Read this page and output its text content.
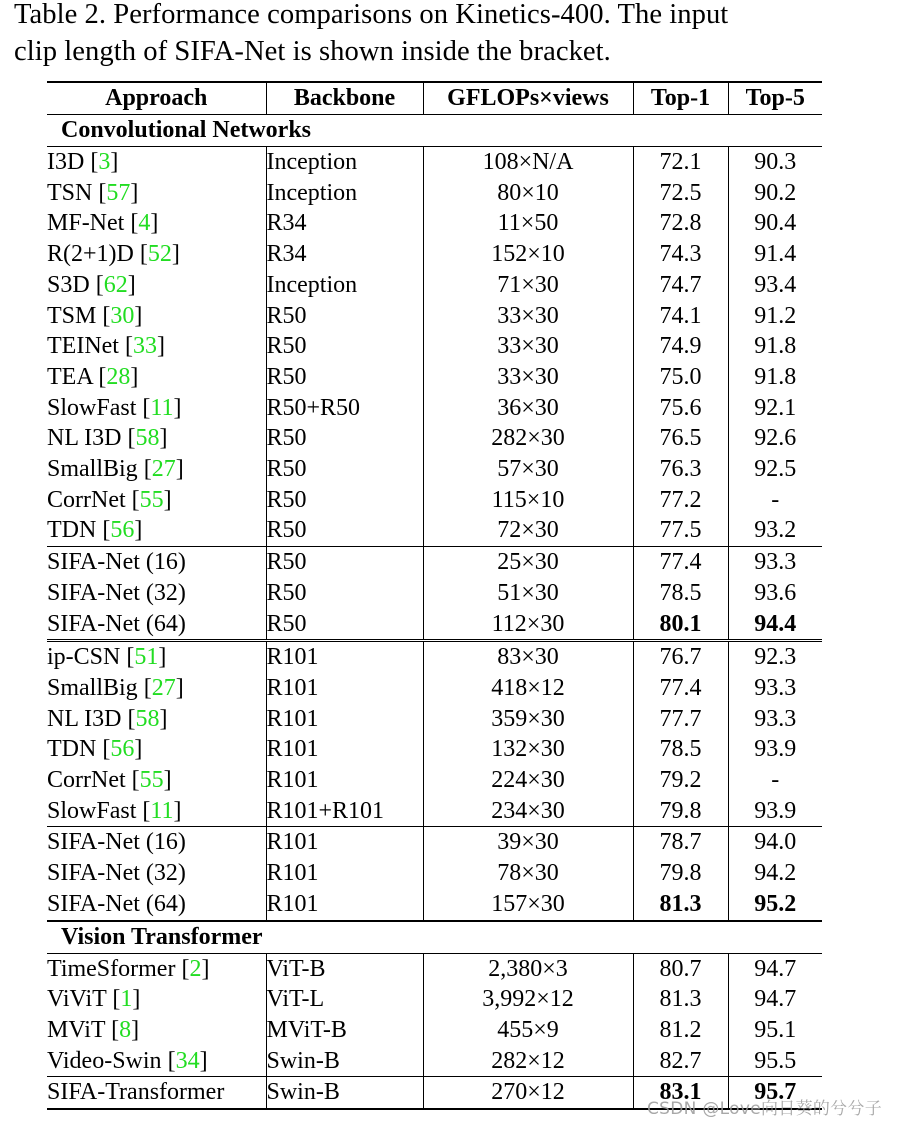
Table 2. Performance comparisons on Kinetics-400. The input
clip length of SIFA-Net is shown inside the bracket.
Approach	Backbone	GFLOPs×views	Top-1	Top-5
Convolutional Networks				
I3D [3]	Inception	108×N/A	72.1	90.3
TSN [57]	Inception	80×10	72.5	90.2
MF-Net [4]	R34	11×50	72.8	90.4
R(2+1)D [52]	R34	152×10	74.3	91.4
S3D [62]	Inception	71×30	74.7	93.4
TSM [30]	R50	33×30	74.1	91.2
TEINet [33]	R50	33×30	74.9	91.8
TEA [28]	R50	33×30	75.0	91.8
SlowFast [11]	R50+R50	36×30	75.6	92.1
NL I3D [58]	R50	282×30	76.5	92.6
SmallBig [27]	R50	57×30	76.3	92.5
CorrNet [55]	R50	115×10	77.2	-
TDN [56]	R50	72×30	77.5	93.2
SIFA-Net (16)	R50	25×30	77.4	93.3
SIFA-Net (32)	R50	51×30	78.5	93.6
SIFA-Net (64)	R50	112×30	80.1	94.4
ip-CSN [51]	R101	83×30	76.7	92.3
SmallBig [27]	R101	418×12	77.4	93.3
NL I3D [58]	R101	359×30	77.7	93.3
TDN [56]	R101	132×30	78.5	93.9
CorrNet [55]	R101	224×30	79.2	-
SlowFast [11]	R101+R101	234×30	79.8	93.9
SIFA-Net (16)	R101	39×30	78.7	94.0
SIFA-Net (32)	R101	78×30	79.8	94.2
SIFA-Net (64)	R101	157×30	81.3	95.2
Vision Transformer				
TimeSformer [2]	ViT-B	2,380×3	80.7	94.7
ViViT [1]	ViT-L	3,992×12	81.3	94.7
MViT [8]	MViT-B	455×9	81.2	95.1
Video-Swin [34]	Swin-B	282×12	82.7	95.5
SIFA-Transformer	Swin-B	270×12	83.1	95.7
CSDN @Love向日葵的兮兮子
